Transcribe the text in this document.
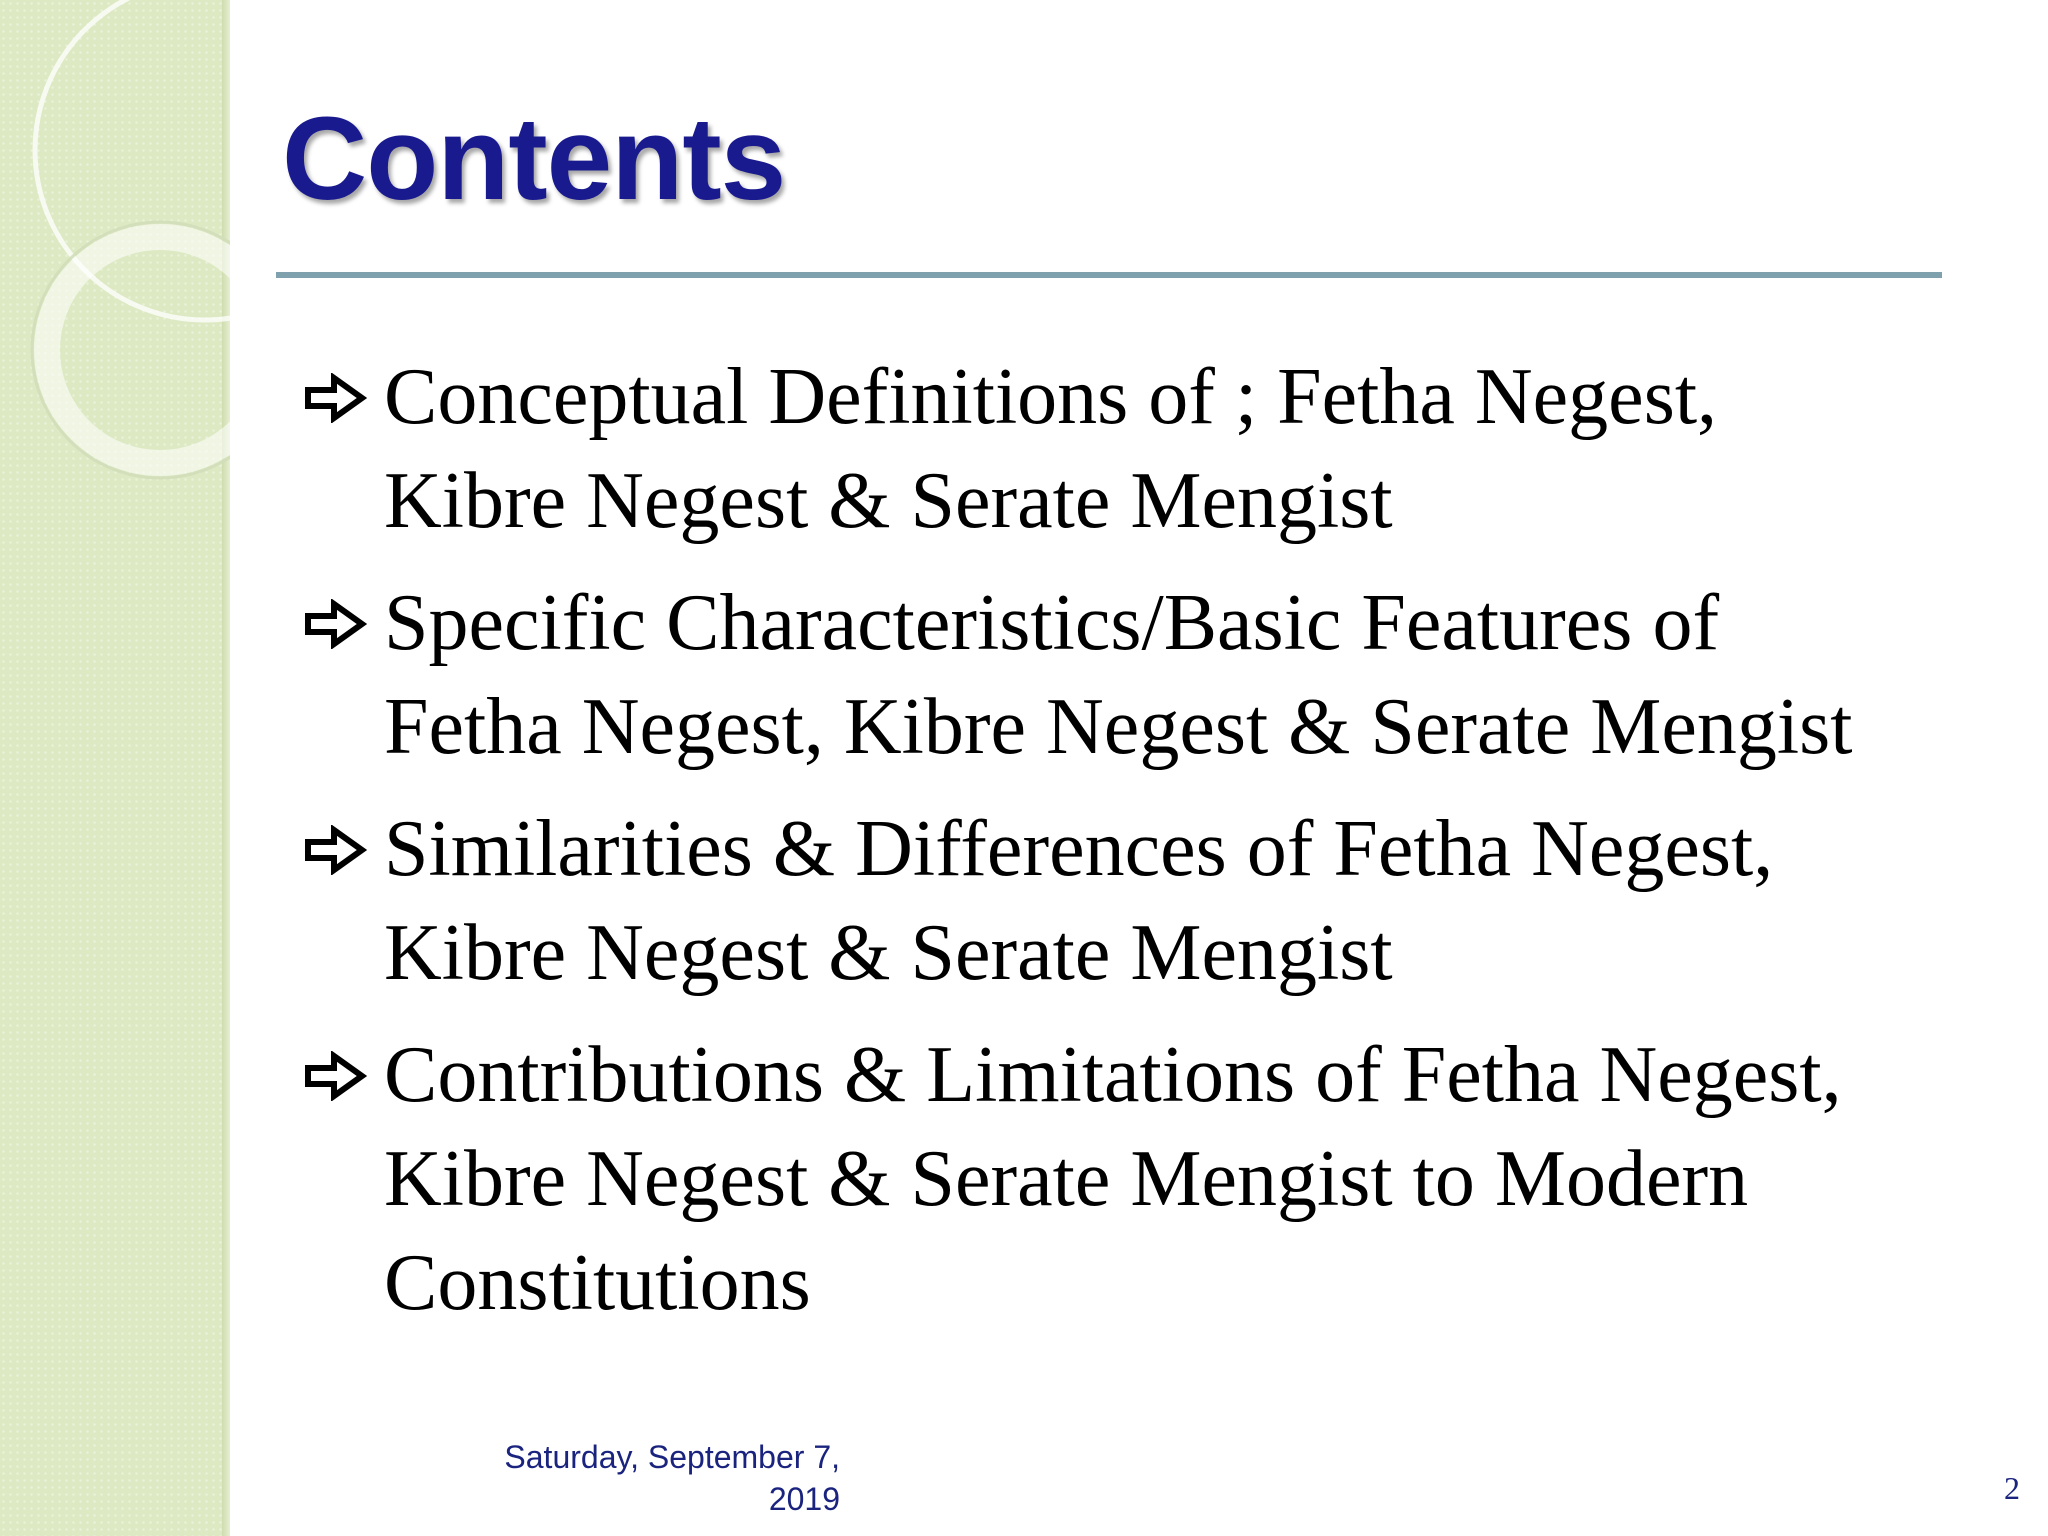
Contents
Conceptual Definitions of ; Fetha Negest,
Kibre Negest & Serate Mengist
Specific Characteristics/Basic Features of
Fetha Negest, Kibre Negest & Serate Mengist
Similarities & Differences of Fetha Negest,
Kibre Negest & Serate Mengist
Contributions & Limitations of Fetha Negest,
Kibre Negest & Serate Mengist to Modern
Constitutions
Saturday, September 7,
2019	2
